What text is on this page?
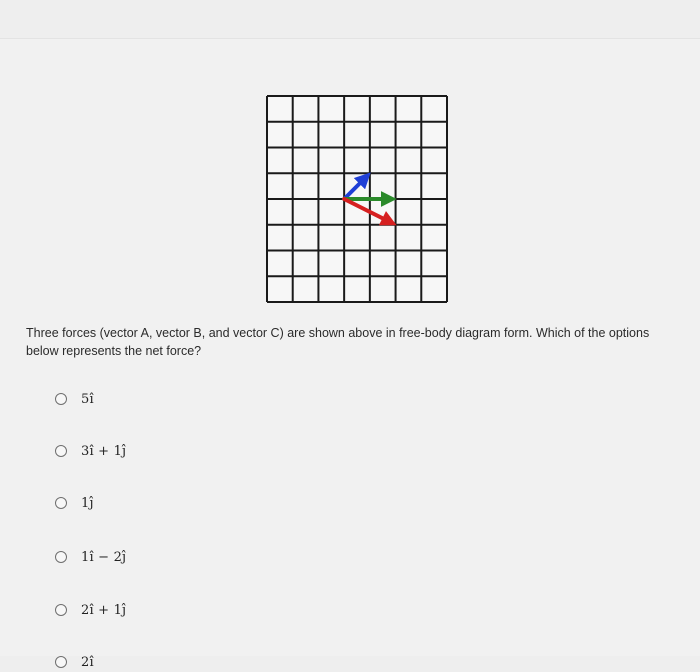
Three forces (vector A, vector B, and vector C) are shown above in free-body diagram form. Which of the options below represents the net force?
5î
3î + 1ĵ
1ĵ
1î − 2ĵ
2î + 1ĵ
2î
